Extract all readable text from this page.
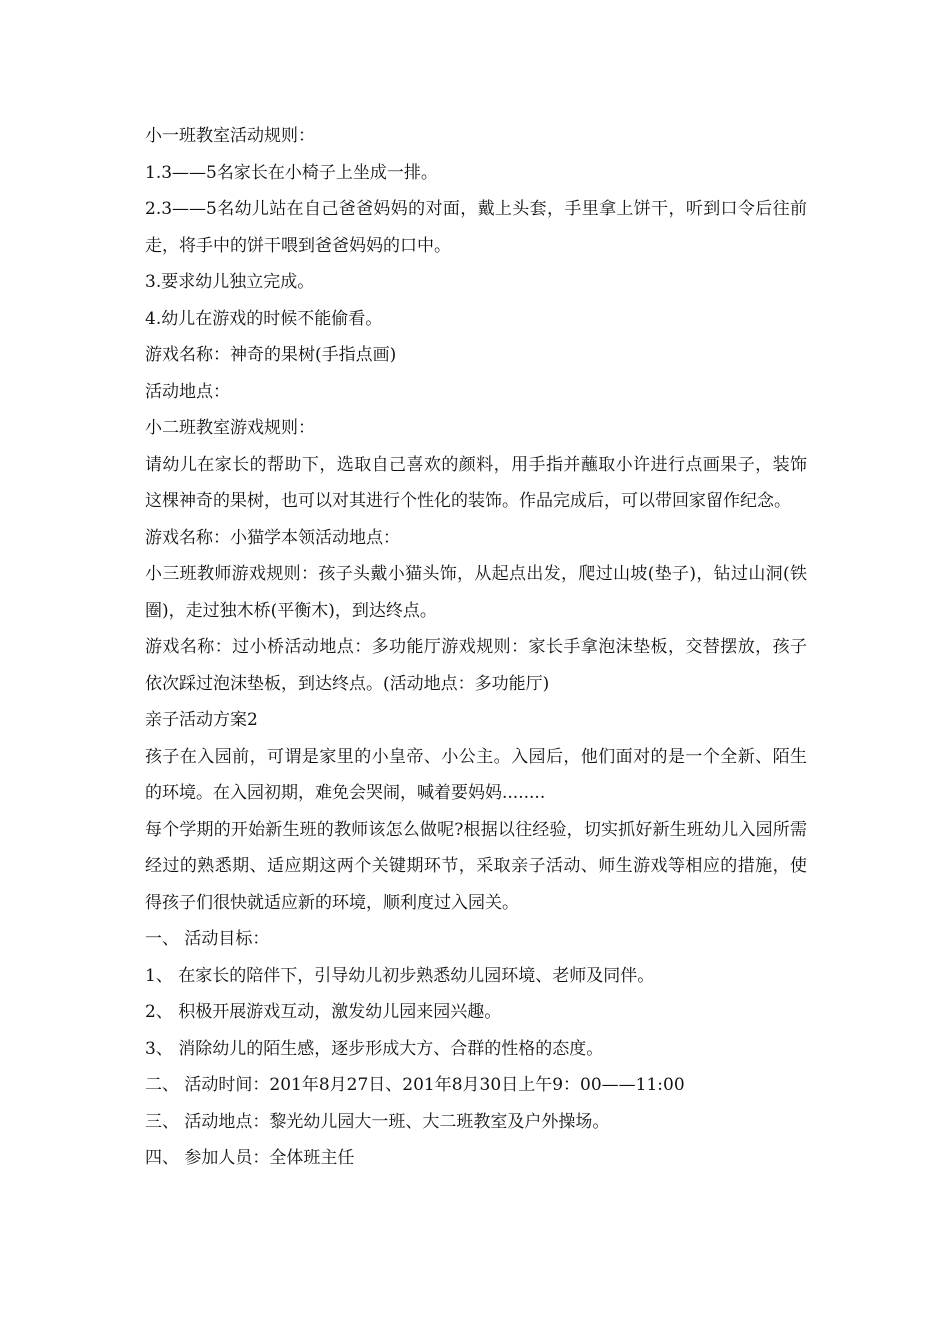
小一班教室活动规则：

1.3——5名家长在小椅子上坐成一排。

2.3——5名幼儿站在自己爸爸妈妈的对面，戴上头套，手里拿上饼干，听到口令后往前走，将手中的饼干喂到爸爸妈妈的口中。

3.要求幼儿独立完成。

4.幼儿在游戏的时候不能偷看。

游戏名称：神奇的果树(手指点画)

活动地点：

小二班教室游戏规则：

请幼儿在家长的帮助下，选取自己喜欢的颜料，用手指并蘸取小许进行点画果子，装饰这棵神奇的果树，也可以对其进行个性化的装饰。作品完成后，可以带回家留作纪念。

游戏名称：小猫学本领活动地点：

小三班教师游戏规则：孩子头戴小猫头饰，从起点出发，爬过山坡(垫子)，钻过山洞(铁圈)，走过独木桥(平衡木)，到达终点。

游戏名称：过小桥活动地点：多功能厅游戏规则：家长手拿泡沫垫板，交替摆放，孩子依次踩过泡沫垫板，到达终点。(活动地点：多功能厅)

亲子活动方案2

孩子在入园前，可谓是家里的小皇帝、小公主。入园后，他们面对的是一个全新、陌生的环境。在入园初期，难免会哭闹，喊着要妈妈........

每个学期的开始新生班的教师该怎么做呢?根据以往经验，切实抓好新生班幼儿入园所需经过的熟悉期、适应期这两个关键期环节，采取亲子活动、师生游戏等相应的措施，使得孩子们很快就适应新的环境，顺利度过入园关。

一、 活动目标：

1、 在家长的陪伴下，引导幼儿初步熟悉幼儿园环境、老师及同伴。

2、 积极开展游戏互动，激发幼儿园来园兴趣。

3、 消除幼儿的陌生感，逐步形成大方、合群的性格的态度。

二、 活动时间：201年8月27日、201年8月30日上午9：00——11:00

三、 活动地点：黎光幼儿园大一班、大二班教室及户外操场。

四、 参加人员：全体班主任
